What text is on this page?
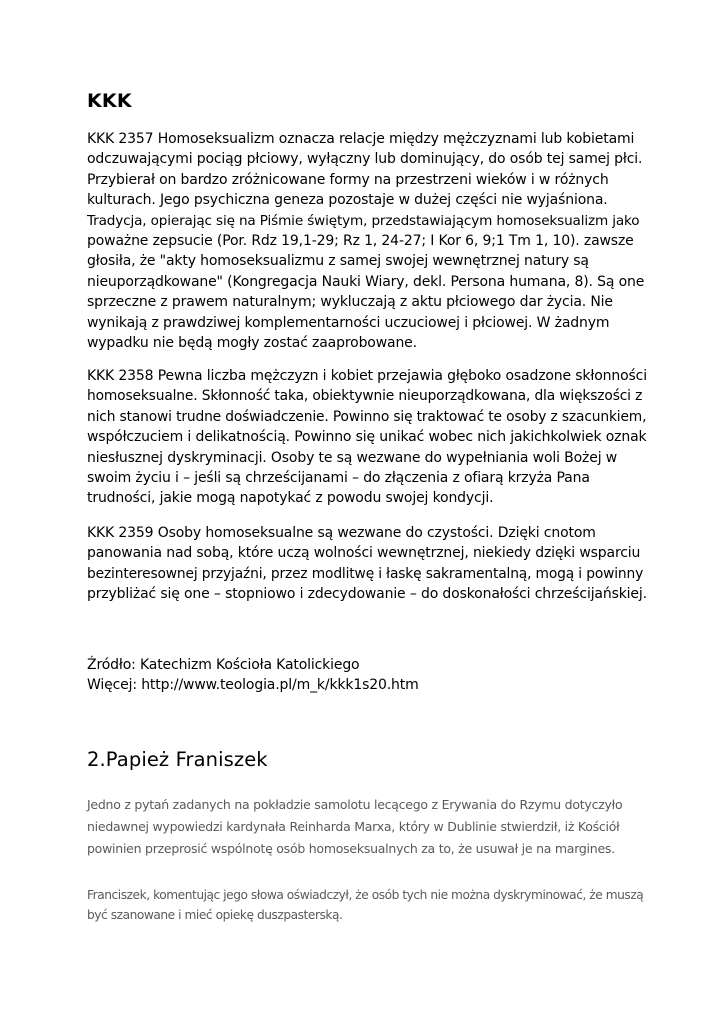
KKK
KKK 2357 Homoseksualizm oznacza relacje między mężczyznami lub kobietami
odczuwającymi pociąg płciowy, wyłączny lub dominujący, do osób tej samej płci.
Przybierał on bardzo zróżnicowane formy na przestrzeni wieków i w różnych
kulturach. Jego psychiczna geneza pozostaje w dużej części nie wyjaśniona.
Tradycja, opierając się na Piśmie świętym, przedstawiającym homoseksualizm jako
poważne zepsucie (Por. Rdz 19,1-29; Rz 1, 24-27; I Kor 6, 9;1 Tm 1, 10). zawsze
głosiła, że "akty homoseksualizmu z samej swojej wewnętrznej natury są
nieuporządkowane" (Kongregacja Nauki Wiary, dekl. Persona humana, 8). Są one
sprzeczne z prawem naturalnym; wykluczają z aktu płciowego dar życia. Nie
wynikają z prawdziwej komplementarności uczuciowej i płciowej. W żadnym
wypadku nie będą mogły zostać zaaprobowane.
KKK 2358 Pewna liczba mężczyzn i kobiet przejawia głęboko osadzone skłonności
homoseksualne. Skłonność taka, obiektywnie nieuporządkowana, dla większości z
nich stanowi trudne doświadczenie. Powinno się traktować te osoby z szacunkiem,
współczuciem i delikatnością. Powinno się unikać wobec nich jakichkolwiek oznak
niesłusznej dyskryminacji. Osoby te są wezwane do wypełniania woli Bożej w
swoim życiu i – jeśli są chrześcijanami – do złączenia z ofiarą krzyża Pana
trudności, jakie mogą napotykać z powodu swojej kondycji.
KKK 2359 Osoby homoseksualne są wezwane do czystości. Dzięki cnotom
panowania nad sobą, które uczą wolności wewnętrznej, niekiedy dzięki wsparciu
bezinteresownej przyjaźni, przez modlitwę i łaskę sakramentalną, mogą i powinny
przybliżać się one – stopniowo i zdecydowanie – do doskonałości chrześcijańskiej.
Źródło: Katechizm Kościoła Katolickiego
Więcej: http://www.teologia.pl/m_k/kkk1s20.htm
2.Papież Franiszek
Jedno z pytań zadanych na pokładzie samolotu lecącego z Erywania do Rzymu dotyczyło
niedawnej wypowiedzi kardynała Reinharda Marxa, który w Dublinie stwierdził, iż Kościół
powinien przeprosić wspólnotę osób homoseksualnych za to, że usuwał je na margines.
Franciszek, komentując jego słowa oświadczył, że osób tych nie można dyskryminować, że muszą
być szanowane i mieć opiekę duszpasterską.
